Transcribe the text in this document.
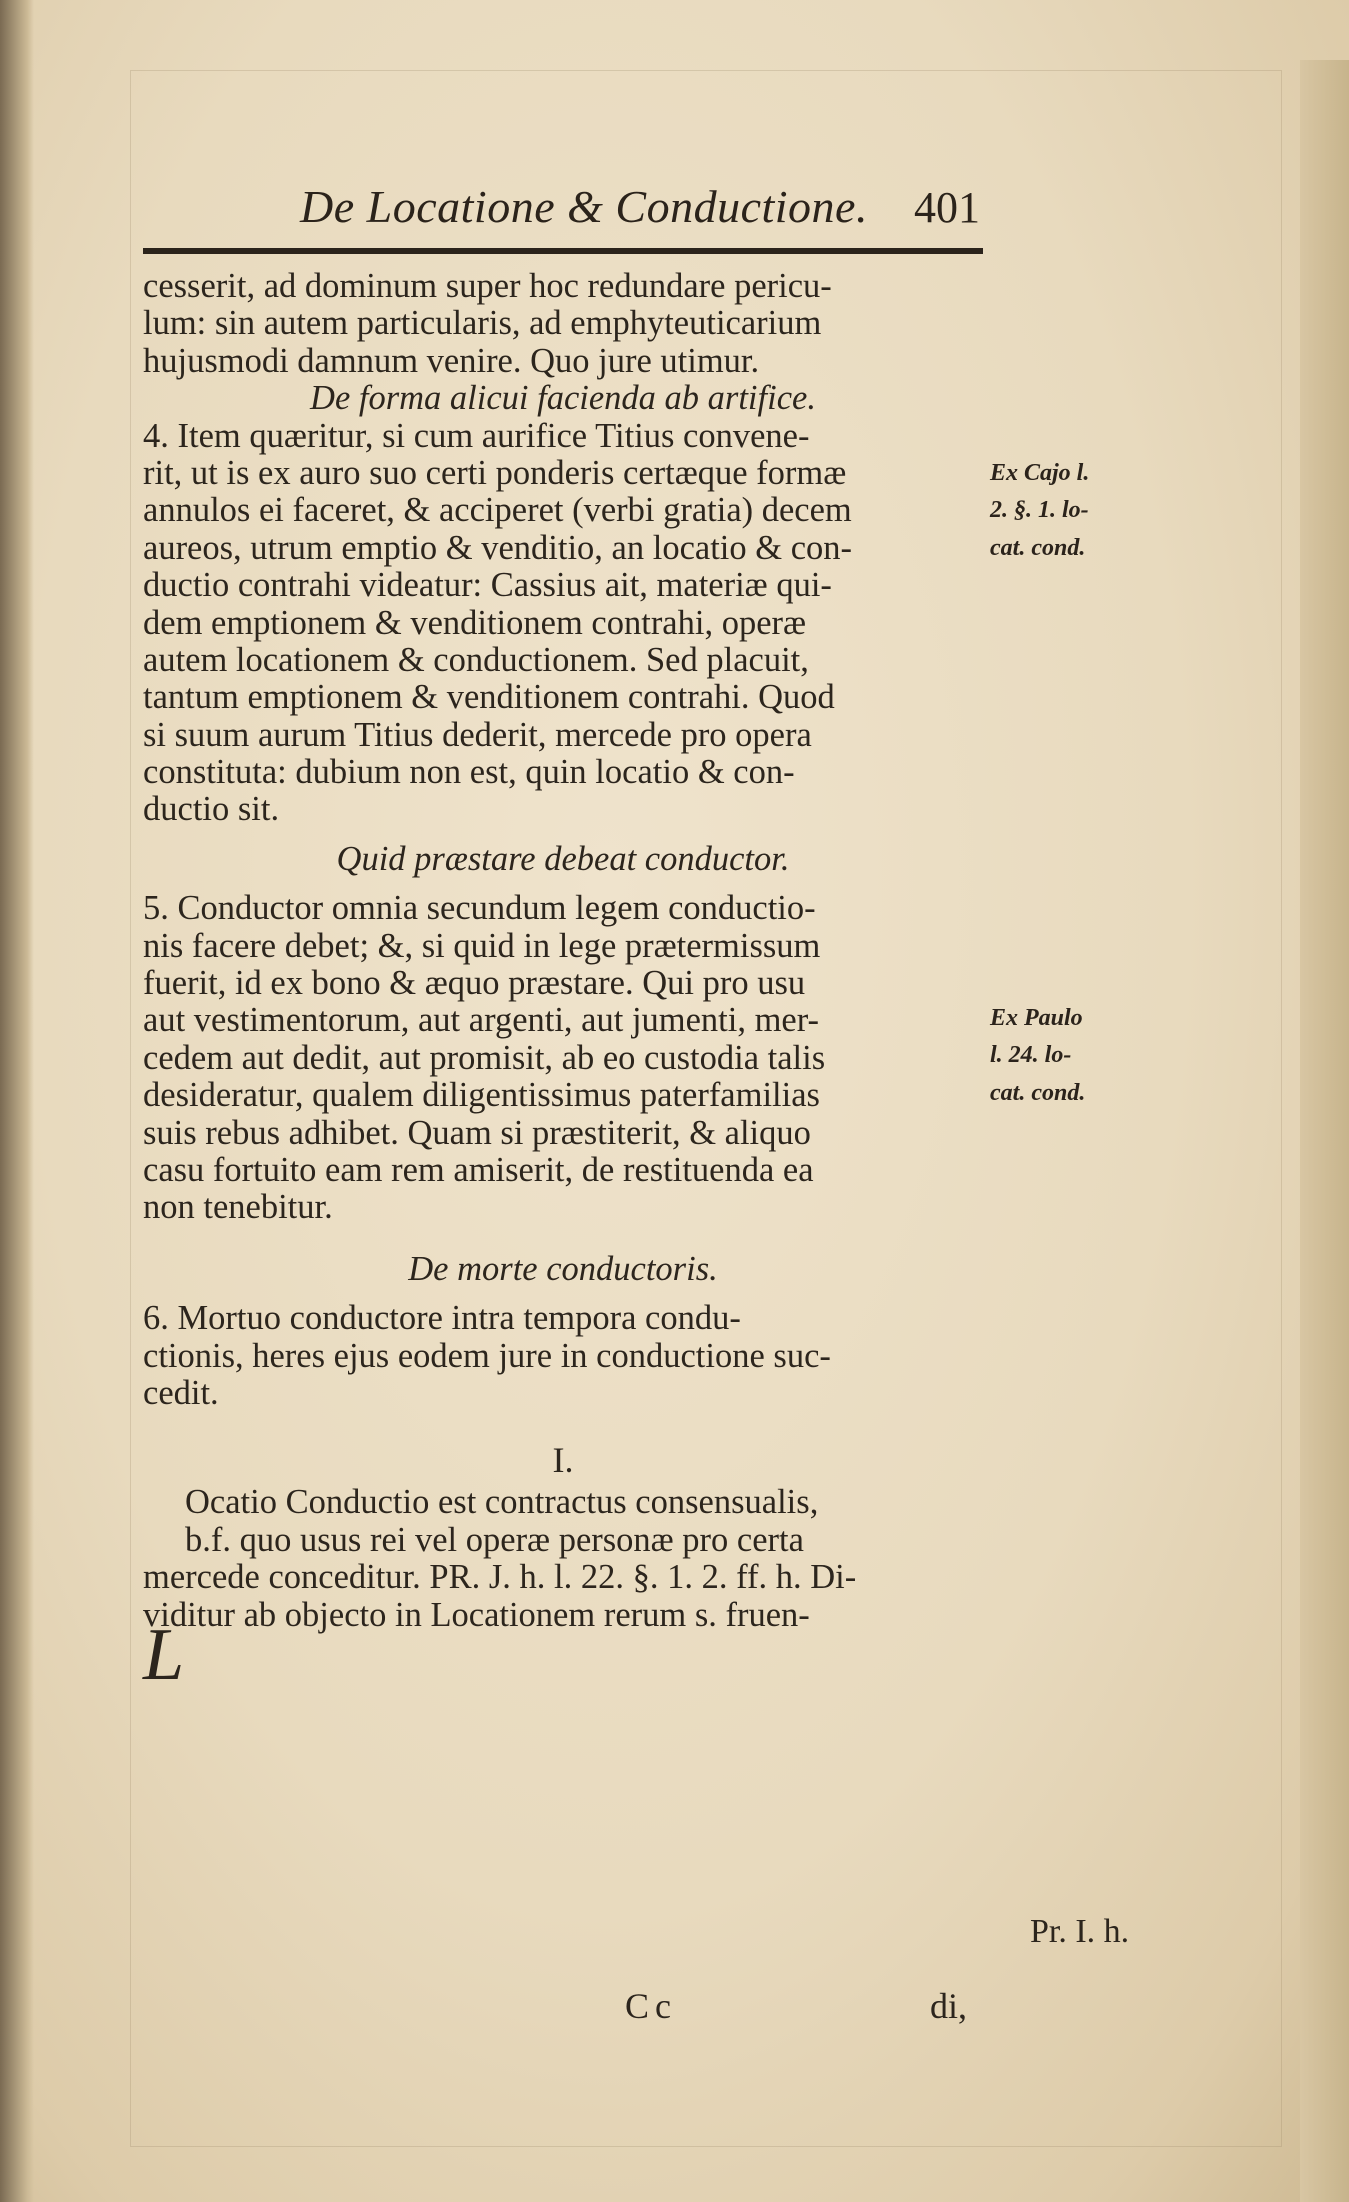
De Locatione & Conductione. 401
cesserit, ad dominum super hoc redundare pericu-
lum: sin autem particularis, ad emphyteuticarium
hujusmodi damnum venire. Quo jure utimur.
De forma alicui facienda ab artifice.
4. Item quæritur, si cum aurifice Titius convene-
rit, ut is ex auro suo certi ponderis certæque formæ
annulos ei faceret, & acciperet (verbi gratia) decem
aureos, utrum emptio & venditio, an locatio & con-
ductio contrahi videatur: Cassius ait, materiæ qui-
dem emptionem & venditionem contrahi, operæ
autem locationem & conductionem. Sed placuit,
tantum emptionem & venditionem contrahi. Quod
si suum aurum Titius dederit, mercede pro opera
constituta: dubium non est, quin locatio & con-
ductio sit.
Quid præstare debeat conductor.
5. Conductor omnia secundum legem conductio-
nis facere debet; &, si quid in lege prætermissum
fuerit, id ex bono & æquo præstare. Qui pro usu
aut vestimentorum, aut argenti, aut jumenti, mer-
cedem aut dedit, aut promisit, ab eo custodia talis
desideratur, qualem diligentissimus paterfamilias
suis rebus adhibet. Quam si præstiterit, & aliquo
casu fortuito eam rem amiserit, de restituenda ea
non tenebitur.
De morte conductoris.
6. Mortuo conductore intra tempora condu-
ctionis, heres ejus eodem jure in conductione suc-
cedit.
I.
Ocatio Conductio est contractus consensualis,
b.f. quo usus rei vel operæ personæ pro certa
mercede conceditur. PR. J. h. l. 22. §. 1. 2. ff. h. Di-
viditur ab objecto in Locationem rerum s. fruen-
L
Ex Cajo l.
2. §. 1. lo-
cat. cond.
Ex Paulo
l. 24. lo-
cat. cond.
Pr. I. h.
Cc	di,
